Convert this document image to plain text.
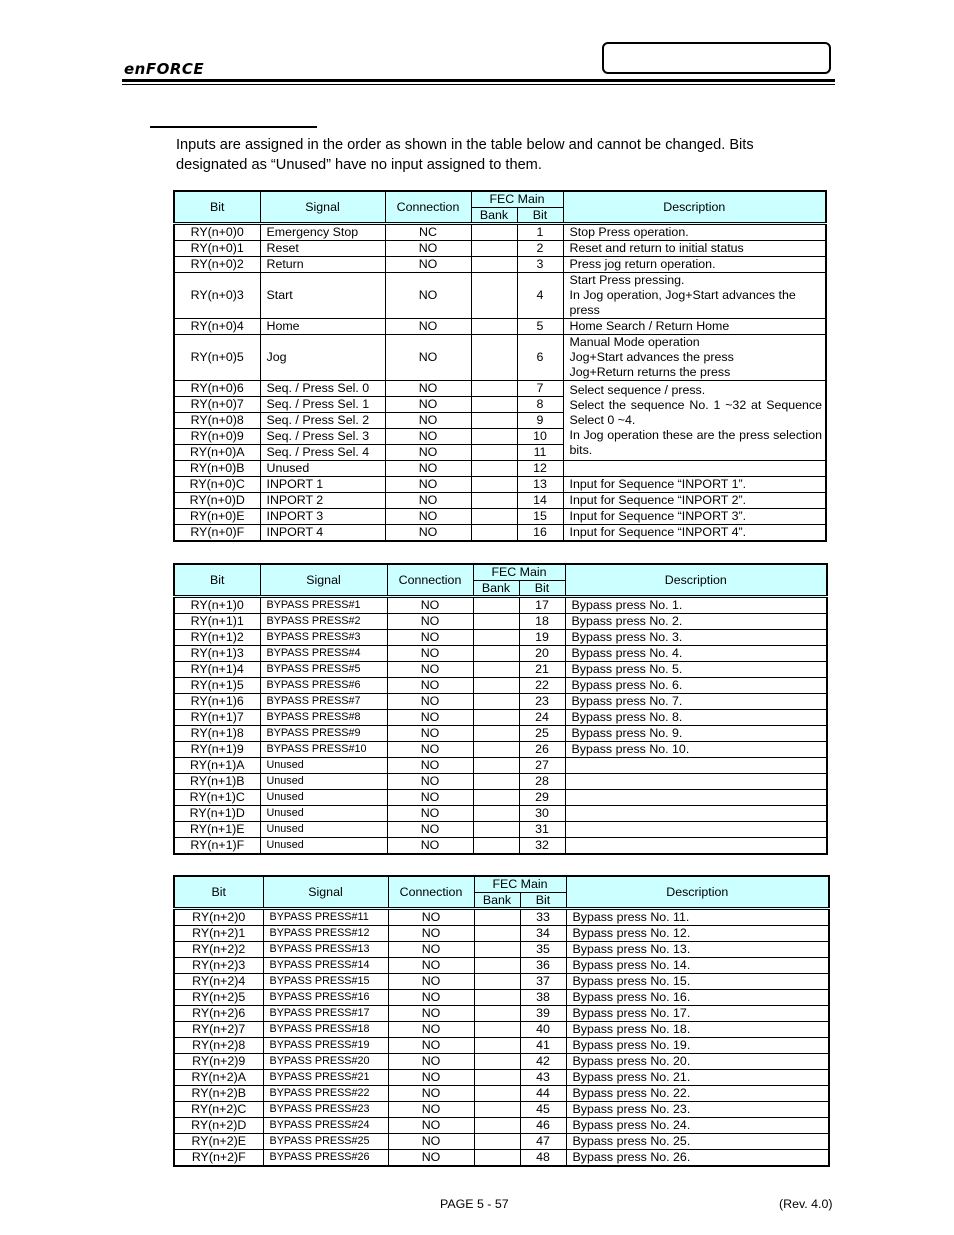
enFORCE
Inputs are assigned in the order as shown in the table below and cannot be changed. Bits designated as “Unused” have no input assigned to them.
Bit	Signal	Connection	FEC Main		Description
			Bank	Bit	
RY(n+0)0	Emergency Stop	NC		1	Stop Press operation.
RY(n+0)1	Reset	NO		2	Reset and return to initial status
RY(n+0)2	Return	NO		3	Press jog return operation.
RY(n+0)3	Start	NO		4	Start Press pressing.
In Jog operation, Jog+Start advances the
press

RY(n+0)4	Home	NO		5	Home Search / Return Home
RY(n+0)5	Jog	NO		6	Manual Mode operation
Jog+Start advances the press
Jog+Return returns the press

RY(n+0)6	Seq. / Press Sel. 0	NO		7	Select sequence / press.
Select the sequence No. 1 ~32 at Sequence Select 0 ~4.
In Jog operation these are the press selection bits.

RY(n+0)7	Seq. / Press Sel. 1	NO		8	
RY(n+0)8	Seq. / Press Sel. 2	NO		9	
RY(n+0)9	Seq. / Press Sel. 3	NO		10	
RY(n+0)A	Seq. / Press Sel. 4	NO		11	
RY(n+0)B	Unused	NO		12	
RY(n+0)C	INPORT 1	NO		13	Input for Sequence “INPORT 1”.
RY(n+0)D	INPORT 2	NO		14	Input for Sequence “INPORT 2”.
RY(n+0)E	INPORT 3	NO		15	Input for Sequence “INPORT 3”.
RY(n+0)F	INPORT 4	NO		16	Input for Sequence “INPORT 4”.
Bit	Signal	Connection	FEC Main		Description
			Bank	Bit	
RY(n+1)0	BYPASS PRESS#1	NO		17	Bypass press No. 1.
RY(n+1)1	BYPASS PRESS#2	NO		18	Bypass press No. 2.
RY(n+1)2	BYPASS PRESS#3	NO		19	Bypass press No. 3.
RY(n+1)3	BYPASS PRESS#4	NO		20	Bypass press No. 4.
RY(n+1)4	BYPASS PRESS#5	NO		21	Bypass press No. 5.
RY(n+1)5	BYPASS PRESS#6	NO		22	Bypass press No. 6.
RY(n+1)6	BYPASS PRESS#7	NO		23	Bypass press No. 7.
RY(n+1)7	BYPASS PRESS#8	NO		24	Bypass press No. 8.
RY(n+1)8	BYPASS PRESS#9	NO		25	Bypass press No. 9.
RY(n+1)9	BYPASS PRESS#10	NO		26	Bypass press No. 10.
RY(n+1)A	Unused	NO		27	
RY(n+1)B	Unused	NO		28	
RY(n+1)C	Unused	NO		29	
RY(n+1)D	Unused	NO		30	
RY(n+1)E	Unused	NO		31	
RY(n+1)F	Unused	NO		32	
Bit	Signal	Connection	FEC Main		Description
			Bank	Bit	
RY(n+2)0	BYPASS PRESS#11	NO		33	Bypass press No. 11.
RY(n+2)1	BYPASS PRESS#12	NO		34	Bypass press No. 12.
RY(n+2)2	BYPASS PRESS#13	NO		35	Bypass press No. 13.
RY(n+2)3	BYPASS PRESS#14	NO		36	Bypass press No. 14.
RY(n+2)4	BYPASS PRESS#15	NO		37	Bypass press No. 15.
RY(n+2)5	BYPASS PRESS#16	NO		38	Bypass press No. 16.
RY(n+2)6	BYPASS PRESS#17	NO		39	Bypass press No. 17.
RY(n+2)7	BYPASS PRESS#18	NO		40	Bypass press No. 18.
RY(n+2)8	BYPASS PRESS#19	NO		41	Bypass press No. 19.
RY(n+2)9	BYPASS PRESS#20	NO		42	Bypass press No. 20.
RY(n+2)A	BYPASS PRESS#21	NO		43	Bypass press No. 21.
RY(n+2)B	BYPASS PRESS#22	NO		44	Bypass press No. 22.
RY(n+2)C	BYPASS PRESS#23	NO		45	Bypass press No. 23.
RY(n+2)D	BYPASS PRESS#24	NO		46	Bypass press No. 24.
RY(n+2)E	BYPASS PRESS#25	NO		47	Bypass press No. 25.
RY(n+2)F	BYPASS PRESS#26	NO		48	Bypass press No. 26.
PAGE 5 - 57	(Rev. 4.0)
